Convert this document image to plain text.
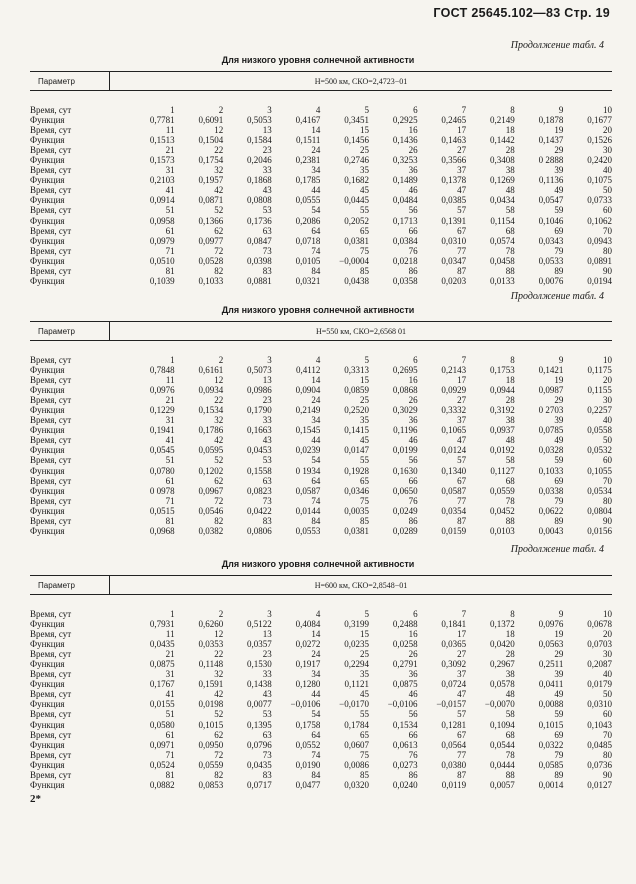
ГОСТ 25645.102—83 Стр. 19
Продолжение табл. 4
Для низкого уровня солнечной активности
Параметр	H=500 км, СКО=2,4723−01
Время, сут	1	2	3	4	5	6	7	8	9	10
Функция	0,7781	0,6091	0,5053	0,4167	0,3451	0,2925	0,2465	0,2149	0,1878	0,1677
Время, сут	11	12	13	14	15	16	17	18	19	20
Функция	0,1513	0,1504	0,1584	0,1511	0,1456	0,1436	0,1463	0,1442	0,1437	0,1526
Время, сут	21	22	23	24	25	26	27	28	29	30
Функция	0,1573	0,1754	0,2046	0,2381	0,2746	0,3253	0,3566	0,3408	0 2888	0,2420
Время, сут	31	32	33	34	35	36	37	38	39	40
Функция	0,2103	0,1957	0,1868	0,1785	0,1682	0,1489	0,1378	0,1269	0,1136	0,1075
Время, сут	41	42	43	44	45	46	47	48	49	50
Функция	0,0914	0,0871	0,0808	0,0555	0,0445	0,0484	0,0385	0,0434	0,0547	0,0733
Время, сут	51	52	53	54	55	56	57	58	59	60
Функция	0,0958	0,1366	0,1736	0,2086	0,2052	0,1713	0,1391	0,1154	0,1046	0,1062
Время, сут	61	62	63	64	65	66	67	68	69	70
Функция	0,0979	0,0977	0,0847	0,0718	0,0381	0,0384	0,0310	0,0574	0,0343	0,0943
Время, сут	71	72	73	74	75	76	77	78	79	80
Функция	0,0510	0,0528	0,0398	0,0105	−0,0004	0,0218	0,0347	0,0458	0,0533	0,0891
Время, сут	81	82	83	84	85	86	87	88	89	90
Функция	0,1039	0,1033	0,0881	0,0321	0,0438	0,0358	0,0203	0,0133	0,0076	0,0194
Продолжение табл. 4
Для низкого уровня солнечной активности
Параметр	H=550 км, СКО=2,6568 01
Время, сут	1	2	3	4	5	6	7	8	9	10
Функция	0,7848	0,6161	0,5073	0,4112	0,3313	0,2695	0,2143	0,1753	0,1421	0,1175
Время, сут	11	12	13	14	15	16	17	18	19	20
Функция	0,0976	0,0934	0,0986	0,0904	0,0859	0,0868	0,0929	0,0944	0,0987	0,1155
Время, сут	21	22	23	24	25	26	27	28	29	30
Функция	0,1229	0,1534	0,1790	0,2149	0,2520	0,3029	0,3332	0,3192	0 2703	0,2257
Время, сут	31	32	33	34	35	36	37	38	39	40
Функция	0,1941	0,1786	0,1663	0,1545	0,1415	0,1196	0,1065	0,0937	0,0785	0,0558
Время, сут	41	42	43	44	45	46	47	48	49	50
Функция	0,0545	0,0595	0,0453	0,0239	0,0147	0,0199	0,0124	0,0192	0,0328	0,0532
Время, сут	51	52	53	54	55	56	57	58	59	60
Функция	0,0780	0,1202	0,1558	0 1934	0,1928	0,1630	0,1340	0,1127	0,1033	0,1055
Время, сут	61	62	63	64	65	66	67	68	69	70
Функция	0 0978	0,0967	0,0823	0,0587	0,0346	0,0650	0,0587	0,0559	0,0338	0,0534
Время, сут	71	72	73	74	75	76	77	78	79	80
Функция	0,0515	0,0546	0,0422	0,0144	0,0035	0,0249	0,0354	0,0452	0,0622	0,0804
Время, сут	81	82	83	84	85	86	87	88	89	90
Функция	0,0968	0,0382	0,0806	0,0553	0,0381	0,0289	0,0159	0,0103	0,0043	0,0156
Продолжение табл. 4
Для низкого уровня солнечной активности
Параметр	H=600 км, СКО=2,8548−01
Время, сут	1	2	3	4	5	6	7	8	9	10
Функция	0,7931	0,6260	0,5122	0,4084	0,3199	0,2488	0,1841	0,1372	0,0976	0,0678
Время, сут	11	12	13	14	15	16	17	18	19	20
Функция	0,0435	0,0353	0,0357	0,0272	0,0235	0,0258	0,0365	0,0420	0,0563	0,0703
Время, сут	21	22	23	24	25	26	27	28	29	30
Функция	0,0875	0,1148	0,1530	0,1917	0,2294	0,2791	0,3092	0,2967	0,2511	0,2087
Время, сут	31	32	33	34	35	36	37	38	39	40
Функция	0,1767	0,1591	0,1438	0,1280	0,1121	0,0875	0,0724	0,0578	0,0411	0,0179
Время, сут	41	42	43	44	45	46	47	48	49	50
Функция	0,0155	0,0198	0,0077	−0,0106	−0,0170	−0,0106	−0,0157	−0,0070	0,0088	0,0310
Время, сут	51	52	53	54	55	56	57	58	59	60
Функция	0,0580	0,1015	0,1395	0,1758	0,1784	0,1534	0,1281	0,1094	0,1015	0,1043
Время, сут	61	62	63	64	65	66	67	68	69	70
Функция	0,0971	0,0950	0,0796	0,0552	0,0607	0,0613	0,0564	0,0544	0,0322	0,0485
Время, сут	71	72	73	74	75	76	77	78	79	80
Функция	0,0524	0,0559	0,0435	0,0190	0,0086	0,0273	0,0380	0,0444	0,0585	0,0736
Время, сут	81	82	83	84	85	86	87	88	89	90
Функция	0,0882	0,0853	0,0717	0,0477	0,0320	0,0240	0,0119	0,0057	0,0014	0,0127
2*
